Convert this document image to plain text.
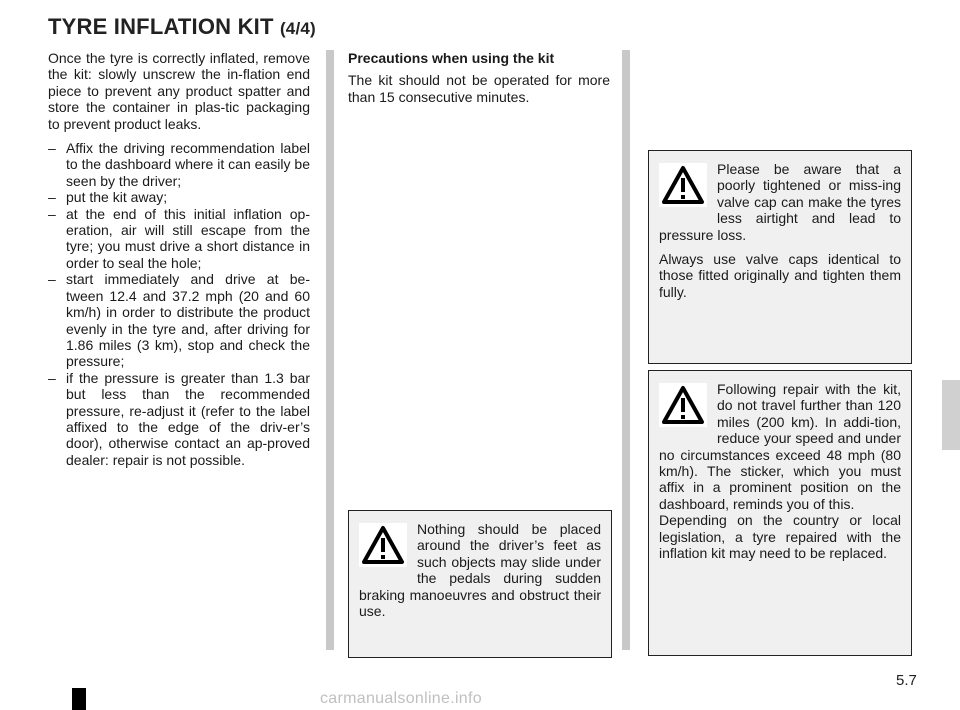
TYRE INFLATION KIT (4/4)

Once the tyre is correctly inflated, remove the kit: slowly unscrew the in-flation end piece to prevent any product spatter and store the container in plas-tic packaging to prevent product leaks.

– Affix the driving recommendation label to the dashboard where it can easily be seen by the driver;
– put the kit away;
– at the end of this initial inflation op-eration, air will still escape from the tyre; you must drive a short distance in order to seal the hole;
– start immediately and drive at be-tween 12.4 and 37.2 mph (20 and 60 km/h) in order to distribute the product evenly in the tyre and, after driving for 1.86 miles (3 km), stop and check the pressure;
– if the pressure is greater than 1.3 bar but less than the recommended pressure, re-adjust it (refer to the label affixed to the edge of the driv-er’s door), otherwise contact an ap-proved dealer: repair is not possible.

Precautions when using the kit

The kit should not be operated for more than 15 consecutive minutes.

Please be aware that a poorly tightened or miss-ing valve cap can make the tyres less airtight and lead to pressure loss.

Always use valve caps identical to those fitted originally and tighten them fully.

Following repair with the kit, do not travel further than 120 miles (200 km). In addi-tion, reduce your speed and under no circumstances exceed 48 mph (80 km/h). The sticker, which you must affix in a prominent position on the dashboard, reminds you of this.

Depending on the country or local legislation, a tyre repaired with the inflation kit may need to be replaced.

Nothing should be placed around the driver’s feet as such objects may slide under the pedals during sudden braking manoeuvres and obstruct their use.

5.7
carmanualsonline.info
